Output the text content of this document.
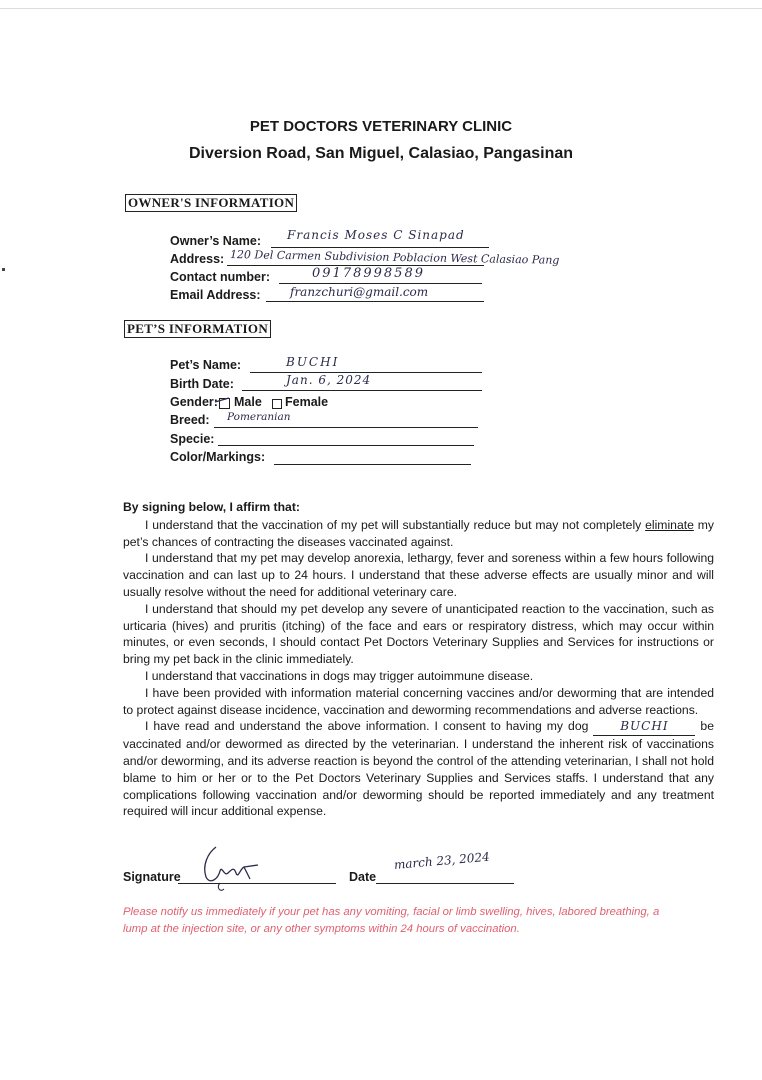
PET DOCTORS VETERINARY CLINIC
Diversion Road, San Miguel, Calasiao, Pangasinan
OWNER'S INFORMATION
Owner’s Name: Francis Moses C Sinapad
Address: 120 Del Carmen Subdivision Poblacion West Calasiao Pang
Contact number:	09178998589
Email Address: franzchuri@gmail.com
PET’S INFORMATION
Pet’s Name:	BUCHI
Birth Date:	Jan. 6, 2024
Gender: Male Female
Breed: Pomeranian
Specie:
Color/Markings:

By signing below, I affirm that:

I understand that the vaccination of my pet will substantially reduce but may not completely eliminate my pet’s chances of contracting the diseases vaccinated against.

I understand that my pet may develop anorexia, lethargy, fever and soreness within a few hours following vaccination and can last up to 24 hours. I understand that these adverse effects are usually minor and will usually resolve without the need for additional veterinary care.

I understand that should my pet develop any severe of unanticipated reaction to the vaccination, such as urticaria (hives) and pruritis (itching) of the face and ears or respiratory distress, which may occur within minutes, or even seconds, I should contact Pet Doctors Veterinary Supplies and Services for instructions or bring my pet back in the clinic immediately.

I understand that vaccinations in dogs may trigger autoimmune disease.

I have been provided with information material concerning vaccines and/or deworming that are intended to protect against disease incidence, vaccination and deworming recommendations and adverse reactions.

I have read and understand the above information. I consent to having my dog BUCHI be vaccinated and/or dewormed as directed by the veterinarian. I understand the inherent risk of vaccinations and/or deworming, and its adverse reaction is beyond the control of the attending veterinarian, I shall not hold blame to him or her or to the Pet Doctors Veterinary Supplies and Services staffs. I understand that any complications following vaccination and/or deworming should be reported immediately and any treatment required will incur additional expense.

Signature	Date
march 23, 2024
Please notify us immediately if your pet has any vomiting, facial or limb swelling, hives, labored breathing, a lump at the injection site, or any other symptoms within 24 hours of vaccination.
